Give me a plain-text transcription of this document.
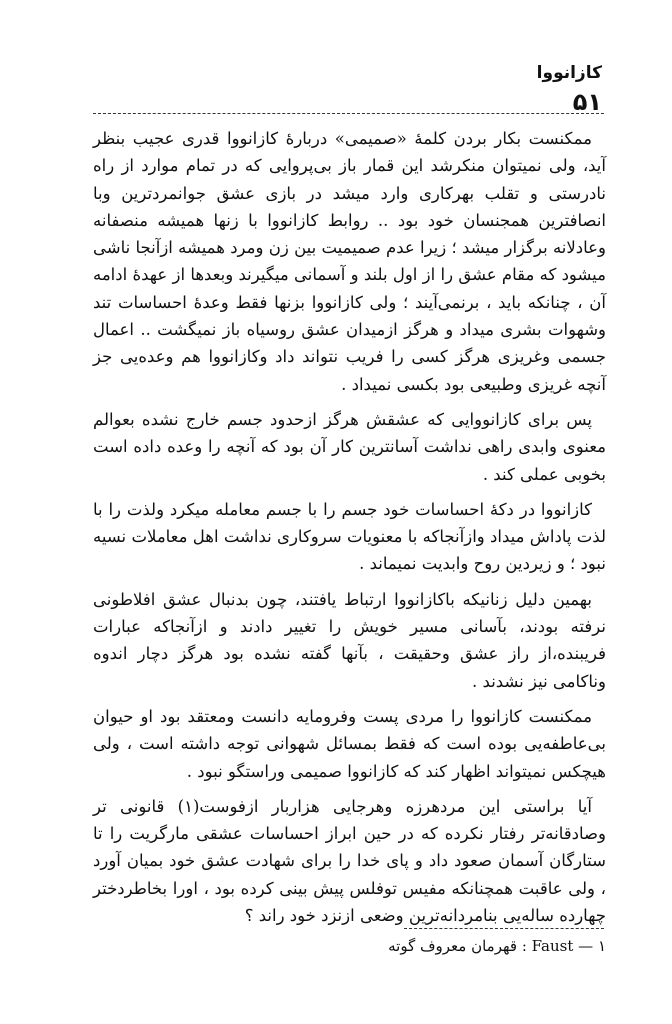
کازانووا
۵۱

ممکنست بکار بردن کلمهٔ «صمیمی» دربارهٔ کازانووا قدری عجیب بنظر آید، ولی نمیتوان منکرشد این قمار باز بی‌پروایی که در تمام موارد از راه نادرستی و تقلب بهرکاری وارد میشد در بازی عشق جوانمردترین وبا انصافترین همجنسان خود بود .. روابط کازانووا با زنها همیشه منصفانه وعادلانه برگزار میشد ؛ زیرا عدم صمیمیت بین زن ومرد همیشه ازآنجا ناشی میشود که مقام عشق را از اول بلند و آسمانی میگیرند وبعدها از عهدهٔ ادامه آن ، چنانکه باید ، برنمی‌آیند ؛ ولی کازانووا بزنها فقط وعدهٔ احساسات تند وشهوات بشری میداد و هرگز ازمیدان عشق روسیاه باز نمیگشت .. اعمال جسمی وغریزی هرگز کسی را فریب نتواند داد وکازانووا هم وعده‌یی جز آنچه غریزی وطبیعی بود بکسی نمیداد .

پس برای کازانووایی که عشقش هرگز ازحدود جسم خارج نشده بعوالم معنوی وابدی راهی نداشت آسانترین کار آن بود که آنچه را وعده داده است بخوبی عملی کند .

کازانووا در دکهٔ احساسات خود جسم را با جسم معامله میکرد ولذت را با لذت پاداش میداد وازآنجاکه با معنویات سروکاری نداشت اهل معاملات نسیه نبود ؛ و زیردین روح وابدیت نمیماند .

بهمین دلیل زنانیکه باکازانووا ارتباط یافتند، چون بدنبال عشق افلاطونی نرفته بودند، بآسانی مسیر خویش را تغییر دادند و ازآنجاکه عبارات فریبنده،از راز عشق وحقیقت ، بآنها گفته نشده بود هرگز دچار اندوه وناکامی نیز نشدند .

ممکنست کازانووا را مردی پست وفرومایه دانست ومعتقد بود او حیوان بی‌عاطفه‌یی بوده است که فقط بمسائل شهوانی توجه داشته است ، ولی هیچکس نمیتواند اظهار کند که کازانووا صمیمی وراستگو نبود .

آیا براستی این مردهرزه وهرجایی هزاربار ازفوست(۱) قانونی تر وصادقانه‌تر رفتار نکرده که در حین ابراز احساسات عشقی مارگریت را تا ستارگان آسمان صعود داد و پای خدا را برای شهادت عشق خود بمیان آورد ، ولی عاقبت همچنانکه مفیس توفلس پیش بینی کرده بود ، اورا بخاطردختر چهارده ساله‌یی بنامردانه‌ترین وضعی ازنزد خود راند ؟

۱ — Faust : قهرمان معروف گوته
